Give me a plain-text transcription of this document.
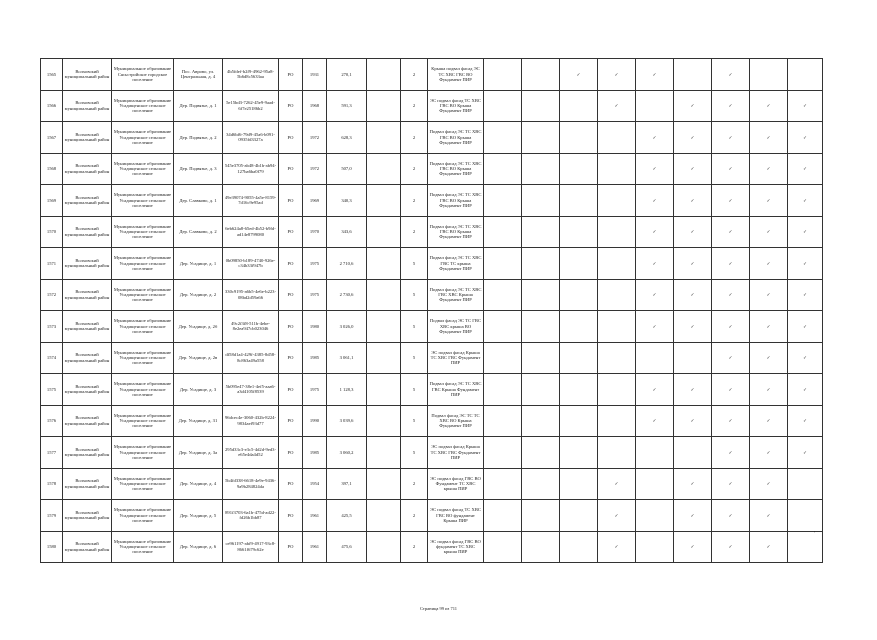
1565	Волховский муниципальный район	Муниципальное образование Сясьстройское городское поселение	Пос. Аврово, ул. Центральная, д. 4	4b5fdef-b2f9-4962-95a8-5b6d8c5633aa	РО	1931	270,1		2	Крыша подвал фасад ЭС ТС ХВС ГВС ВО Фундамент ПИР			✓	✓	✓		✓		
1566	Волховский муниципальный район	Муниципальное образование Усадищенское сельское поселение	Дер. Подвязье, д. 1	5e15bd3-7262-45e9-9aad-6f7e25186b2	РО	1968	591,3		2	ЭС подвал фасад ТС ХВС ГВС ВО Крыша Фундамент ПИР				✓		✓	✓	✓	✓
1567	Волховский муниципальный район	Муниципальное образование Усадищенское сельское поселение	Дер. Подвязье, д. 2	34d6bf6-79d9-45a6-b091-0935fd3327a	РО	1972	628,3		2	Подвал фасад ЭС ТС ХВС ГВС ВО Крыша Фундамент ПИР					✓	✓	✓	✓	✓
1568	Волховский муниципальный район	Муниципальное образование Усадищенское сельское поселение	Дер. Подвязье, д. 3	545e3705-ab48-4b1b-ab94-127ba6ba0f79	РО	1972	507,0		2	Подвал фасад ЭС ТС ХВС ГВС ВО Крыша Фундамент ПИР					✓	✓	✓	✓	✓
1569	Волховский муниципальный район	Муниципальное образование Усадищенское сельское поселение	Дер. Славково, д. 1	49e39074-9055-4a5e-8159-7d16c9e95ad	РО	1969	340,3		2	Подвал фасад ЭС ТС ХВС ГВС ВО Крыша Фундамент ПИР					✓	✓	✓	✓	✓
1570	Волховский муниципальный район	Муниципальное образование Усадищенское сельское поселение	Дер. Славково, д. 2	6eb624a8-65ed-4b52-b9fd-ad14e8799080	РО	1970	343,6		2	Подвал фасад ЭС ТС ХВС ГВС ВО Крыша Фундамент ПИР					✓	✓	✓	✓	✓
1571	Волховский муниципальный район	Муниципальное образование Усадищенское сельское поселение	Дер. Усадище, д. 1	0b09850-b189-4740-926e-c34b33f947b	РО	1975	2 710,6		5	Подвал фасад ЭС ТС ХВС ГВС ТС крыша Фундамент ПИР					✓	✓	✓	✓	✓
1572	Волховский муниципальный район	Муниципальное образование Усадищенское сельское поселение	Дер. Усадище, д. 2	330c9195-a6b5-4e6e-b223-08bd2d59a66	РО	1975	2 730,6		5	Подвал фасад ЭС ТС ХВС ГВС ХВС Крыша Фундамент ПИР					✓	✓	✓	✓	✓
1573	Волховский муниципальный район	Муниципальное образование Усадищенское сельское поселение	Дер. Усадище, д. 2б	49c2f3f8-511b-4ebe-8e2ea947cb023046	РО	1980	3 026,0		5	Подвал фасад ЭС ТС ГВС ХВС крыша ВО Фундамент ПИР					✓	✓	✓	✓	✓
1574	Волховский муниципальный район	Муниципальное образование Усадищенское сельское поселение	Дер. Усадище, д. 2в	df58d1a4-429f-4385-8d58-8c863a49a558	РО	1985	3 061,1		5	ЭС подвал фасад Крыша ТС ХВС ГВС Фундамент ПИР							✓	✓	✓
1575	Волховский муниципальный район	Муниципальное образование Усадищенское сельское поселение	Дер. Усадище, д. 3	5b095e47-38e1-4ef5-aaa6-a3d4105f8539	РО	1975	1 128,3		5	Подвал фасад ЭС ТС ХВС ГВС Крыша Фундамент ПИР					✓	✓	✓	✓	✓
1576	Волховский муниципальный район	Муниципальное образование Усадищенское сельское поселение	Дер. Усадище, д. 31	96dcec4e-3060-432b-8224-9834aef93d77	РО	1990	3 039,6		5	Подвал фасад ЭС ТС ТС ХВС ВО Крыша Фундамент ПИР					✓	✓	✓	✓	✓
1577	Волховский муниципальный район	Муниципальное образование Усадищенское сельское поселение	Дер. Усадище, д. 3а	295d33c3-e3c5-4d2d-9ed3-e65e4da4d52	РО	1985	3 060,2		5	ЭС подвал фасад Крыша ТС ХВС ГВС Фундамент ПИР							✓	✓	✓
1578	Волховский муниципальный район	Муниципальное образование Усадищенское сельское поселение	Дер. Усадище, д. 4	5b4fd338-6618-4e9e-9436-9a9b284824da	РО	1954	397,1		2	ЭС подвал фасад ГВС ВО Фундамент ТС ХВС крыша ПИР				✓		✓	✓	✓	
1579	Волховский муниципальный район	Муниципальное образование Усадищенское сельское поселение	Дер. Усадище, д. 5	891f3703-6a1b-475d-ad22-fd26b1bb87	РО	1961	425,5		2	ЭС подвал фасад ТС ХВС ГВС ВО фундамент Крыша ПИР				✓		✓	✓	✓	
1580	Волховский муниципальный район	Муниципальное образование Усадищенское сельское поселение	Дер. Усадище, д. 6	ce961197-abf9-4917-93c8-8661f679c62e	РО	1961	475,6		2	ЭС подвал фасад ГВС ВО фундамент ТС ХВС крыша ПИР				✓		✓	✓	✓	
'
Страница 99 из 711
